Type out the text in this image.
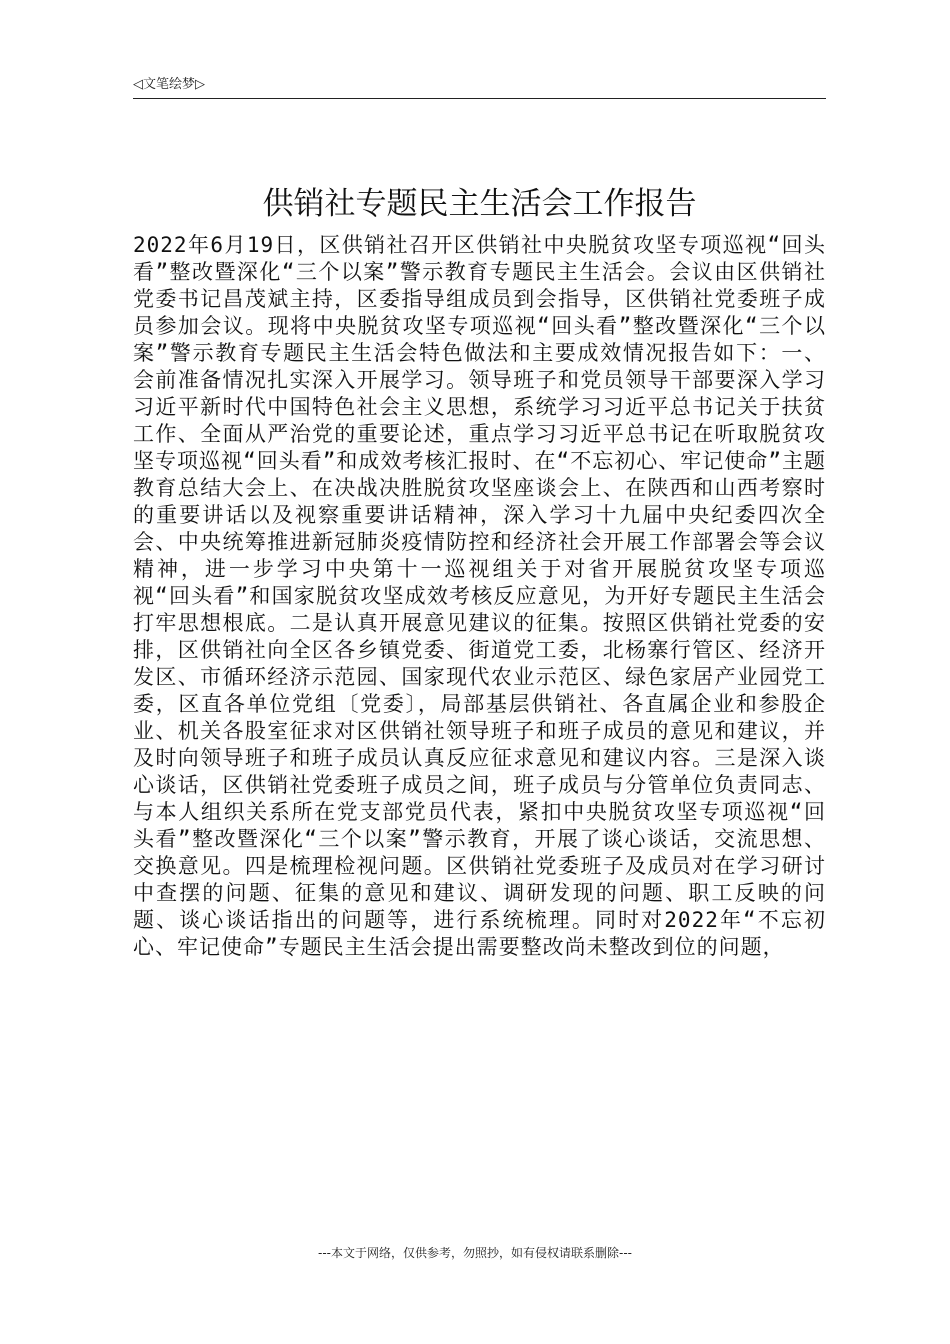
◁文笔绘梦▷
供销社专题民主生活会工作报告

2022年6月19日，区供销社召开区供销社中央脱贫攻坚专项巡视“回头看”整改暨深化“三个以案”警示教育专题民主生活会。会议由区供销社党委书记昌茂斌主持，区委指导组成员到会指导，区供销社党委班子成员参加会议。现将中央脱贫攻坚专项巡视“回头看”整改暨深化“三个以案”警示教育专题民主生活会特色做法和主要成效情况报告如下：一、会前准备情况扎实深入开展学习。领导班子和党员领导干部要深入学习习近平新时代中国特色社会主义思想，系统学习习近平总书记关于扶贫工作、全面从严治党的重要论述，重点学习习近平总书记在听取脱贫攻坚专项巡视“回头看”和成效考核汇报时、在“不忘初心、牢记使命”主题教育总结大会上、在决战决胜脱贫攻坚座谈会上、在陕西和山西考察时的重要讲话以及视察重要讲话精神，深入学习十九届中央纪委四次全会、中央统筹推进新冠肺炎疫情防控和经济社会开展工作部署会等会议精神，进一步学习中央第十一巡视组关于对省开展脱贫攻坚专项巡视“回头看”和国家脱贫攻坚成效考核反应意见，为开好专题民主生活会打牢思想根底。二是认真开展意见建议的征集。按照区供销社党委的安排，区供销社向全区各乡镇党委、街道党工委，北杨寨行管区、经济开发区、市循环经济示范园、国家现代农业示范区、绿色家居产业园党工委，区直各单位党组〔党委〕，局部基层供销社、各直属企业和参股企业、机关各股室征求对区供销社领导班子和班子成员的意见和建议，并及时向领导班子和班子成员认真反应征求意见和建议内容。三是深入谈心谈话，区供销社党委班子成员之间，班子成员与分管单位负责同志、与本人组织关系所在党支部党员代表，紧扣中央脱贫攻坚专项巡视“回头看”整改暨深化“三个以案”警示教育，开展了谈心谈话，交流思想、交换意见。四是梳理检视问题。区供销社党委班子及成员对在学习研讨中查摆的问题、征集的意见和建议、调研发现的问题、职工反映的问题、谈心谈话指出的问题等，进行系统梳理。同时对2022年“不忘初心、牢记使命”专题民主生活会提出需要整改尚未整改到位的问题，

---本文于网络，仅供参考，勿照抄，如有侵权请联系删除---
